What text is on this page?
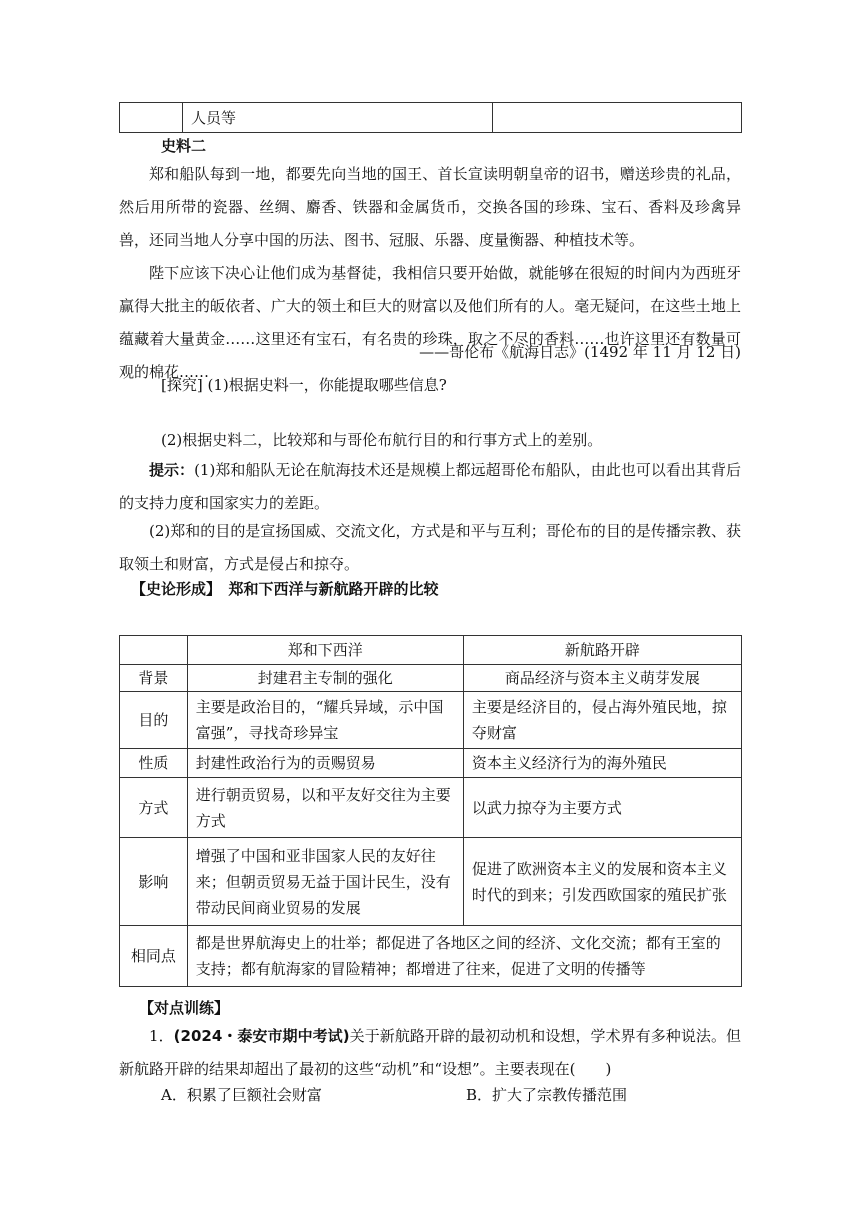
	人员等	
史料二
郑和船队每到一地，都要先向当地的国王、首长宣读明朝皇帝的诏书，赠送珍贵的礼品，然后用所带的瓷器、丝绸、麝香、铁器和金属货币，交换各国的珍珠、宝石、香料及珍禽异兽，还同当地人分享中国的历法、图书、冠服、乐器、度量衡器、种植技术等。
陛下应该下决心让他们成为基督徒，我相信只要开始做，就能够在很短的时间内为西班牙赢得大批主的皈依者、广大的领土和巨大的财富以及他们所有的人。毫无疑问，在这些土地上蕴藏着大量黄金……这里还有宝石，有名贵的珍珠，取之不尽的香料……也许这里还有数量可观的棉花……
——哥伦布《航海日志》(1492 年 11 月 12 日)
[探究] (1)根据史料一，你能提取哪些信息?
(2)根据史料二，比较郑和与哥伦布航行目的和行事方式上的差别。
提示：(1)郑和船队无论在航海技术还是规模上都远超哥伦布船队，由此也可以看出其背后的支持力度和国家实力的差距。
(2)郑和的目的是宣扬国威、交流文化，方式是和平与互利；哥伦布的目的是传播宗教、获取领土和财富，方式是侵占和掠夺。
【史论形成】　郑和下西洋与新航路开辟的比较
	郑和下西洋	新航路开辟
背景	封建君主专制的强化	商品经济与资本主义萌芽发展
目的	主要是政治目的，“耀兵异域，示中国富强”，寻找奇珍异宝	主要是经济目的，侵占海外殖民地，掠夺财富
性质	封建性政治行为的贡赐贸易	资本主义经济行为的海外殖民
方式	进行朝贡贸易，以和平友好交往为主要方式	以武力掠夺为主要方式
影响	增强了中国和亚非国家人民的友好往来；但朝贡贸易无益于国计民生，没有带动民间商业贸易的发展	促进了欧洲资本主义的发展和资本主义时代的到来；引发西欧国家的殖民扩张
相同点	都是世界航海史上的壮举；都促进了各地区之间的经济、文化交流；都有王室的支持；都有航海家的冒险精神；都增进了往来，促进了文明的传播等	
【对点训练】
1．(2024・泰安市期中考试)关于新航路开辟的最初动机和设想，学术界有多种说法。但新航路开辟的结果却超出了最初的这些“动机”和“设想”。主要表现在(　　)
A．积累了巨额社会财富	B．扩大了宗教传播范围
